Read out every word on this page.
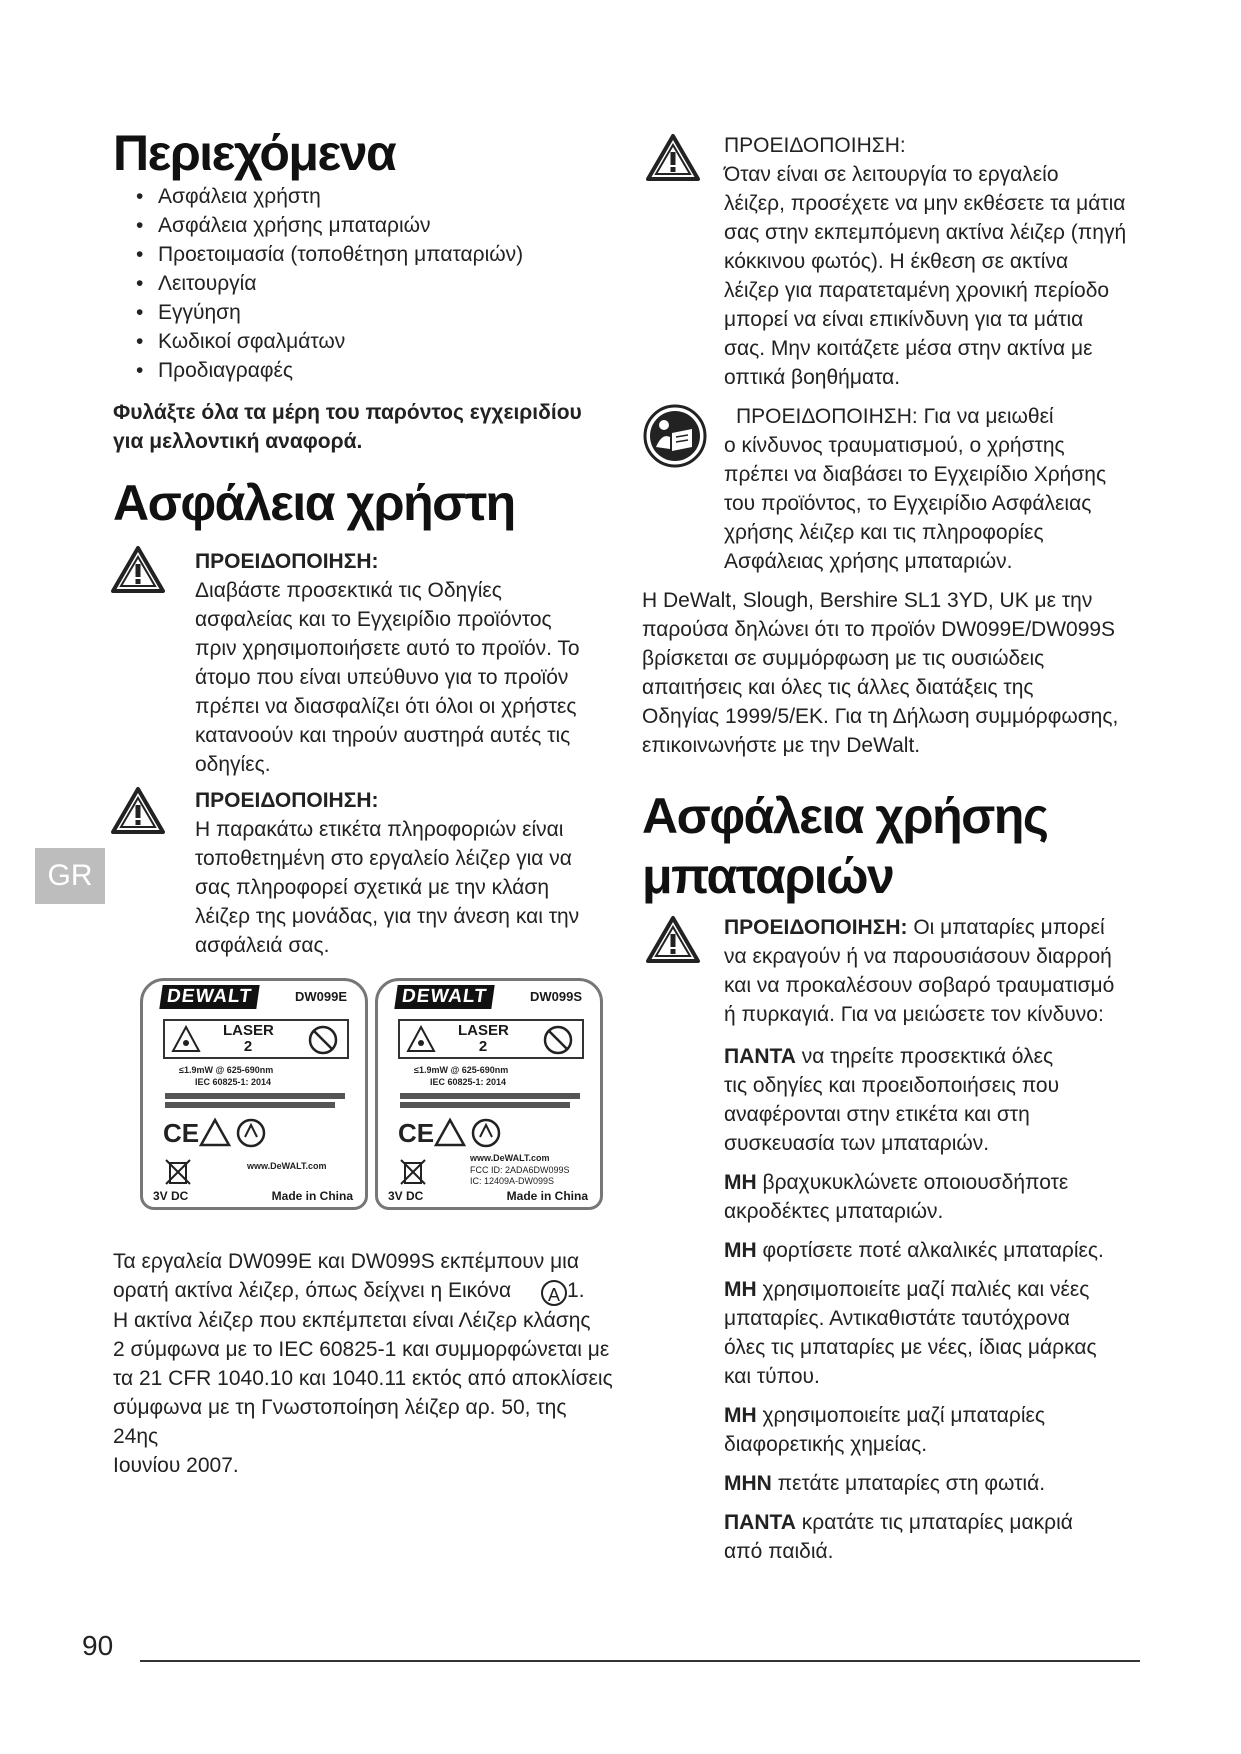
Περιεχόμενα
• Ασφάλεια χρήστη
• Ασφάλεια χρήσης μπαταριών
• Προετοιμασία (τοποθέτηση μπαταριών)
• Λειτουργία
• Εγγύηση
• Κωδικοί σφαλμάτων
• Προδιαγραφές
Φυλάξτε όλα τα μέρη του παρόντος εγχειριδίου
για μελλοντική αναφορά.
Ασφάλεια χρήστη
ΠΡΟΕΙΔΟΠΟΙΗΣΗ:
Διαβάστε προσεκτικά τις Οδηγίες
ασφαλείας και το Εγχειρίδιο προϊόντος
πριν χρησιμοποιήσετε αυτό το προϊόν. Το
άτομο που είναι υπεύθυνο για το προϊόν
πρέπει να διασφαλίζει ότι όλοι οι χρήστες
κατανοούν και τηρούν αυστηρά αυτές τις
οδηγίες.
ΠΡΟΕΙΔΟΠΟΙΗΣΗ:
Η παρακάτω ετικέτα πληροφοριών είναι
τοποθετημένη στο εργαλείο λέιζερ για να
σας πληροφορεί σχετικά με την κλάση
λέιζερ της μονάδας, για την άνεση και την
ασφάλειά σας.
GR
DEWALT	DW099E
LASER
2
≤1.9mW @ 625-690nm
IEC 60825-1: 2014
CE
www.DeWALT.com
3V DC	Made in China
DEWALT	DW099S
LASER
2
≤1.9mW @ 625-690nm
IEC 60825-1: 2014
CE
www.DeWALT.com
FCC ID: 2ADA6DW099S
IC: 12409A-DW099S
3V DC	Made in China
Τα εργαλεία DW099E και DW099S εκπέμπουν μια
ορατή ακτίνα λέιζερ, όπως δείχνει η Εικόνα A 1.
Η ακτίνα λέιζερ που εκπέμπεται είναι Λέιζερ κλάσης
2 σύμφωνα με το IEC 60825-1 και συμμορφώνεται με
τα 21 CFR 1040.10 και 1040.11 εκτός από αποκλίσεις
σύμφωνα με τη Γνωστοποίηση λέιζερ αρ. 50, της 24ης
Ιουνίου 2007.
ΠΡΟΕΙΔΟΠΟΙΗΣΗ:
Όταν είναι σε λειτουργία το εργαλείο
λέιζερ, προσέχετε να μην εκθέσετε τα μάτια
σας στην εκπεμπόμενη ακτίνα λέιζερ (πηγή
κόκκινου φωτός). Η έκθεση σε ακτίνα
λέιζερ για παρατεταμένη χρονική περίοδο
μπορεί να είναι επικίνδυνη για τα μάτια
σας. Μην κοιτάζετε μέσα στην ακτίνα με
οπτικά βοηθήματα.
ΠΡΟΕΙΔΟΠΟΙΗΣΗ: Για να μειωθεί
ο κίνδυνος τραυματισμού, ο χρήστης
πρέπει να διαβάσει το Εγχειρίδιο Χρήσης
του προϊόντος, το Εγχειρίδιο Ασφάλειας
χρήσης λέιζερ και τις πληροφορίες
Ασφάλειας χρήσης μπαταριών.
Η DeWalt, Slough, Bershire SL1 3YD, UK με την
παρούσα δηλώνει ότι το προϊόν DW099E/DW099S
βρίσκεται σε συμμόρφωση με τις ουσιώδεις
απαιτήσεις και όλες τις άλλες διατάξεις της
Οδηγίας 1999/5/ΕΚ. Για τη Δήλωση συμμόρφωσης,
επικοινωνήστε με την DeWalt.
Ασφάλεια χρήσης
μπαταριών
ΠΡΟΕΙΔΟΠΟΙΗΣΗ: Οι μπαταρίες μπορεί
να εκραγούν ή να παρουσιάσουν διαρροή
και να προκαλέσουν σοβαρό τραυματισμό
ή πυρκαγιά. Για να μειώσετε τον κίνδυνο:
ΠΑΝΤΑ να τηρείτε προσεκτικά όλες
τις οδηγίες και προειδοποιήσεις που
αναφέρονται στην ετικέτα και στη
συσκευασία των μπαταριών.
ΜΗ βραχυκυκλώνετε οποιουσδήποτε
ακροδέκτες μπαταριών.
ΜΗ φορτίσετε ποτέ αλκαλικές μπαταρίες.
ΜΗ χρησιμοποιείτε μαζί παλιές και νέες
μπαταρίες. Αντικαθιστάτε ταυτόχρονα
όλες τις μπαταρίες με νέες, ίδιας μάρκας
και τύπου.
ΜΗ χρησιμοποιείτε μαζί μπαταρίες
διαφορετικής χημείας.
ΜΗΝ πετάτε μπαταρίες στη φωτιά.
ΠΑΝΤΑ κρατάτε τις μπαταρίες μακριά
από παιδιά.
90
